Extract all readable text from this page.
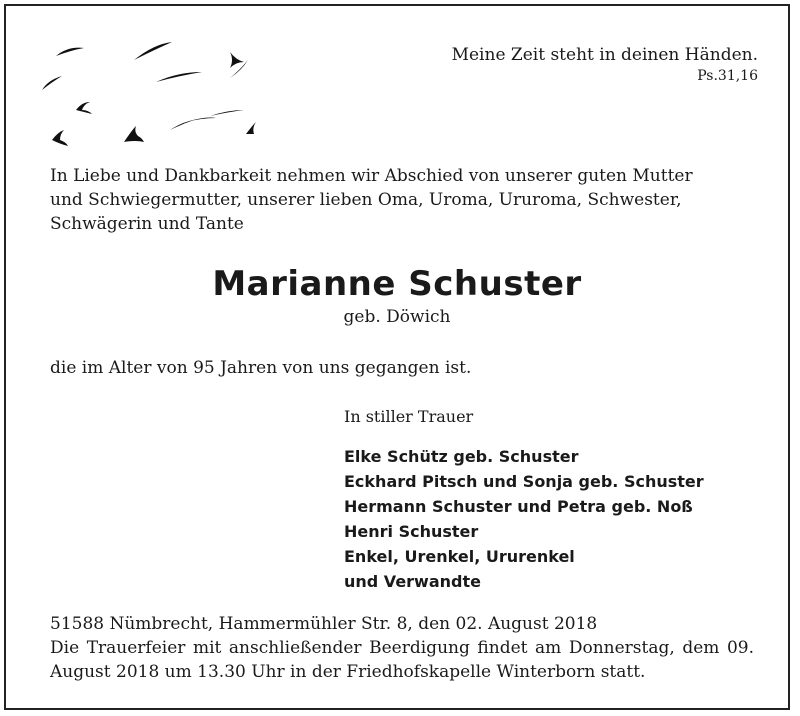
Meine Zeit steht in deinen Händen.
Ps.31,16
In Liebe und Dankbarkeit nehmen wir Abschied von unserer guten Mutter
und Schwiegermutter, unserer lieben Oma, Uroma, Ururoma, Schwester,
Schwägerin und Tante
Marianne Schuster
geb. Döwich
die im Alter von 95 Jahren von uns gegangen ist.
In stiller Trauer
Elke Schütz geb. Schuster
Eckhard Pitsch und Sonja geb. Schuster
Hermann Schuster und Petra geb. Noß
Henri Schuster
Enkel, Urenkel, Ururenkel
und Verwandte
51588 Nümbrecht, Hammermühler Str. 8, den 02. August 2018
Die Trauerfeier mit anschließender Beerdigung findet am Donnerstag, dem 09. August 2018 um 13.30 Uhr in der Friedhofskapelle Winterborn statt.
